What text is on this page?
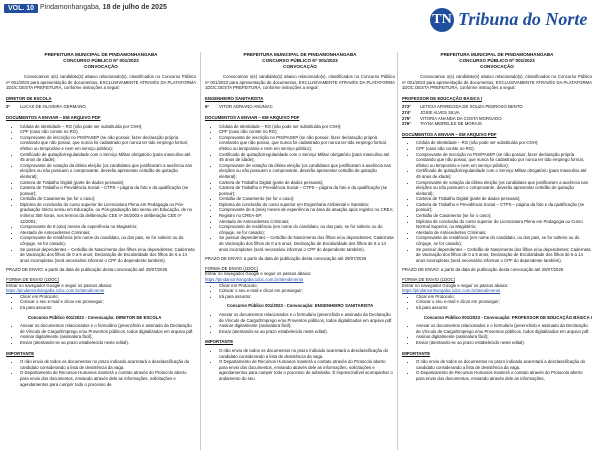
VOL. 10 Pindamonhangaba, 18 de julho de 2025
TN Tribuna do Norte
PREFEITURA MUNICIPAL DE PINDAMONHANGABA
CONCURSO PÚBLICO Nº 001/2023
CONVOCAÇÃO

Convocamos o(s) candidato(s) abaixo relacionado(s), classificados no Concurso Público nº 001/2023 para apresentação de documentos, EXCLUSIVAMENTE ATRAVÉS DA PLATAFORMA 1DOC DESTA PREFEITURA, conforme instruções a seguir:

DIRETOR DE ESCOLA
2º LUCAS DE OLIVEIRA GERMANO
DOCUMENTOS A ENVIAR – EM ARQUIVO PDF
• Cédula de Identidade – RG (não pode ser substituída por CNH);
• CPF (caso não conste no RG);
• Comprovante de inscrição no PIS/PASEP (se não possuir, fazer declaração própria constando que não possui, que nunca foi cadastrado por nunca ter tido emprego formal, efetivo ou temporário e nem em serviço público);
• Certificado de quitação/regularidade com o Serviço Militar obrigatório (para masculino até 45 anos de idade);
• Comprovante de votação da última eleição (os candidatos que justificaram a ausência nas eleições ou não possuem o comprovante, deverão apresentar certidão de quitação eleitoral);
• Carteira de Trabalho Digital (parte de dados pessoais);
• Carteira de Trabalho e Previdência Social – CTPS – página da foto e da qualificação (se possuir);
• Certidão de Casamento (se for o caso);
• Diploma de conclusão do curso superior de Licenciatura Plena em Pedagogia ou Pós-graduação stricto sensu em Educação, ou Pós-graduação lato sensu em Educação, de no mínimo 360 horas, nos termos da deliberação CEE nº 26/2003 e deliberação CEE nº 12/2001;
• Comprovante de 8 (oito) meses de experiência no Magistério;
• Atestado de Antecedentes Criminais;
• Comprovante de residência (em nome do candidato, ou dos pais, se for solteiro ou do cônjuge, se for casado);
• Se possuir dependentes – Certidão de Nascimento dos filhos e/ou dependentes; Caderneta de Vacinação dos filhos de 0 a 5 anos; Declaração de Escolaridade dos filhos de 6 a 14 anos incompletos (será necessário informar o CPF do dependente também).

PRAZO DE ENVIO: a partir da data de publicação desta convocação até 29/07/2025

FORMA DE ENVIO (1DOC)
Entrar no navegador Google e seguir os passos abaixo:
https://pindamonhangaba.1doc.com.br/atendimento
• Clicar em Protocolo;
• Colocar o seu e-mail e clicar em prosseguir;
• Irá para assunto:
Concurso Público 001/2023 - Convocação: DIRETOR DE ESCOLA
• Anexar os documentos relacionados e o formulário (preenchido e assinado da Declaração de Vínculo de Cargo/Emprego e/ou Proventos públicos, todos digitalizados em arquivo pdf.
• Assinar digitalmente (assinatura fácil);
• Enviar (atentando-se ao prazo estabelecido neste edital).
IMPORTANTE
• O não envio de todos os documentos no prazo indicado acarretará a desclassificação do candidato considerando a lista de desistência da vaga.
• O Departamento de Recursos Humanos manterá o contato através do Protocolo aberto para envio dos documentos, enviando através dele as informações, solicitações e agendamentos para cumprir todo o processo de
PREFEITURA MUNICIPAL DE PINDAMONHANGABA
CONCURSO PÚBLICO Nº 001/2023
CONVOCAÇÃO

Convocamos o(s) candidato(s) abaixo relacionado(s), classificados no Concurso Público nº 001/2023 para apresentação de documentos, EXCLUSIVAMENTE ATRAVÉS DA PLATAFORMA 1DOC DESTA PREFEITURA, conforme instruções a seguir:

ENGENHEIRO SANITARISTA
6º VITOR ADRIANO ANUNIAC
DOCUMENTOS A ENVIAR – EM ARQUIVO PDF
• Cédula de Identidade – RG (não pode ser substituída por CNH);
• CPF (caso não conste no RG);
• Comprovante de inscrição no PIS/PASEP (se não possuir, fazer declaração própria constando que não possui, que nunca foi cadastrado por nunca ter tido emprego formal, efetivo ou temporário e nem em serviço público);
• Certificado de quitação/regularidade com o Serviço Militar obrigatório (para masculino até 45 anos de idade);
• Comprovante de votação da última eleição (os candidatos que justificaram a ausência nas eleições ou não possuem o comprovante, deverão apresentar certidão de quitação eleitoral);
• Carteira de Trabalho Digital (parte de dados pessoais);
• Carteira de Trabalho e Previdência Social – CTPS – página da foto e da qualificação (se possuir);
• Certidão de Casamento (se for o caso);
• Diploma de conclusão do curso superior em Engenharia Ambiental e Sanitária;
• Comprovante de 6 (seis) meses de experiência na área de atuação após registro no CREA;
• Registro no CREA-SP;
• Atestado de Antecedentes Criminais;
• Comprovante de residência (em nome do candidato, ou dos pais, se for solteiro ou do cônjuge, se for casado);
• Se possuir dependentes – Certidão de Nascimento dos filhos e/ou dependentes; Caderneta de Vacinação dos filhos de 0 a 5 anos; Declaração de Escolaridade dos filhos de 6 a 14 anos incompletos (será necessário informar o CPF do dependente também).

PRAZO DE ENVIO: a partir da data de publicação desta convocação até 29/07/2025

FORMA DE ENVIO (1DOC)
Entrar no navegador Google e seguir os passos abaixo:
https://pindamonhangaba.1doc.com.br/atendimento
• Clicar em Protocolo;
• Colocar o seu e-mail e clicar em prosseguir;
• Irá para assunto:
Concurso Público 001/2023 - Convocação: ENGENHEIRO SANITARISTA
• Anexar os documentos relacionados e o formulário (preenchido e assinado da Declaração de Vínculo de Cargo/Emprego e/ou Proventos públicos, todos digitalizados em arquivo pdf.
• Assinar digitalmente (assinatura fácil);
• Enviar (atentando-se ao prazo estabelecido neste edital).
IMPORTANTE
• O não envio de todos os documentos no prazo indicado acarretará a desclassificação do candidato considerando a lista de desistência da vaga.
• O Departamento de Recursos Humanos manterá o contato através do Protocolo aberto para envio dos documentos, enviando através dele as informações, solicitações e agendamentos para cumprir todo o processo de admissão. É imprescindível acompanhar o andamento do seu
PREFEITURA MUNICIPAL DE PINDAMONHANGABA
CONCURSO PÚBLICO Nº 001/2023
CONVOCAÇÃO

Convocamos o(s) candidato(s) abaixo relacionado(s), classificados no Concurso Público nº 001/2023 para apresentação de documentos, EXCLUSIVAMENTE ATRAVÉS DA PLATAFORMA 1DOC DESTA PREFEITURA, conforme instruções a seguir:

PROFESSOR DE EDUCAÇÃO BÁSICA I
273º LETICIA APARECIDA DE SOUZA PEDROSO BENTO
274º JOSIE ALVES SILVA
275º VITORIA ANANDA DA COSTA MORGADO
276º TAYNA MEIRELES DE MORAIS
DOCUMENTOS A ENVIAR – EM ARQUIVO PDF
• Cédula de Identidade – RG (não pode ser substituída por CNH);
• CPF (caso não conste no RG);
• Comprovante de inscrição no PIS/PASEP (se não possuir, fazer declaração própria constando que não possui, que nunca foi cadastrado por nunca ter tido emprego formal, efetivo ou temporário e nem em serviço público);
• Certificado de quitação/regularidade com o Serviço Militar obrigatório (para masculino até 45 anos de idade);
• Comprovante de votação da última eleição (os candidatos que justificaram a ausência nas eleições ou não possuem o comprovante, deverão apresentar certidão de quitação eleitoral);
• Carteira de Trabalho Digital (parte de dados pessoais);
• Carteira de Trabalho e Previdência Social – CTPS – página da foto e da qualificação (se possuir);
• Certidão de Casamento (se for o caso);
• Diploma de conclusão do curso superior de Licenciatura Plena em Pedagogia ou Curso Normal Superior, ou Magistério;
• Atestado de Antecedentes Criminais;
• Comprovante de residência (em nome do candidato, ou dos pais, se for solteiro ou do cônjuge, se for casado);
• Se possuir dependentes – Certidão de Nascimento dos filhos e/ou dependentes; Caderneta de Vacinação dos filhos de 0 a 5 anos; Declaração de Escolaridade dos filhos de 6 a 14 anos incompletos (será necessário informar o CPF do dependente também).

PRAZO DE ENVIO: a partir da data de publicação desta convocação até 29/07/2025

FORMA DE ENVIO (1DOC)
Entrar no navegador Google e seguir os passos abaixo:
https://pindamonhangaba.1doc.com.br/atendimento
• Clicar em Protocolo;
• Colocar o seu e-mail e clicar em prosseguir;
• Irá para assunto:
Concurso Público 001/2023 - Convocação: PROFESSOR DE EDUCAÇÃO BÁSICA I
• Anexar os documentos relacionados e o formulário (preenchido e assinado da Declaração de Vínculo de Cargo/Emprego e/ou Proventos públicos, todos digitalizados em arquivo pdf.
• Assinar digitalmente (assinatura fácil);
• Enviar (atentando-se ao prazo estabelecido neste edital).
IMPORTANTE
• O não envio de todos os documentos no prazo indicado acarretará a desclassificação do candidato considerando a lista de desistência da vaga.
• O Departamento de Recursos Humanos manterá o contato através do Protocolo aberto para envio dos documentos, enviando através dele as informações,
